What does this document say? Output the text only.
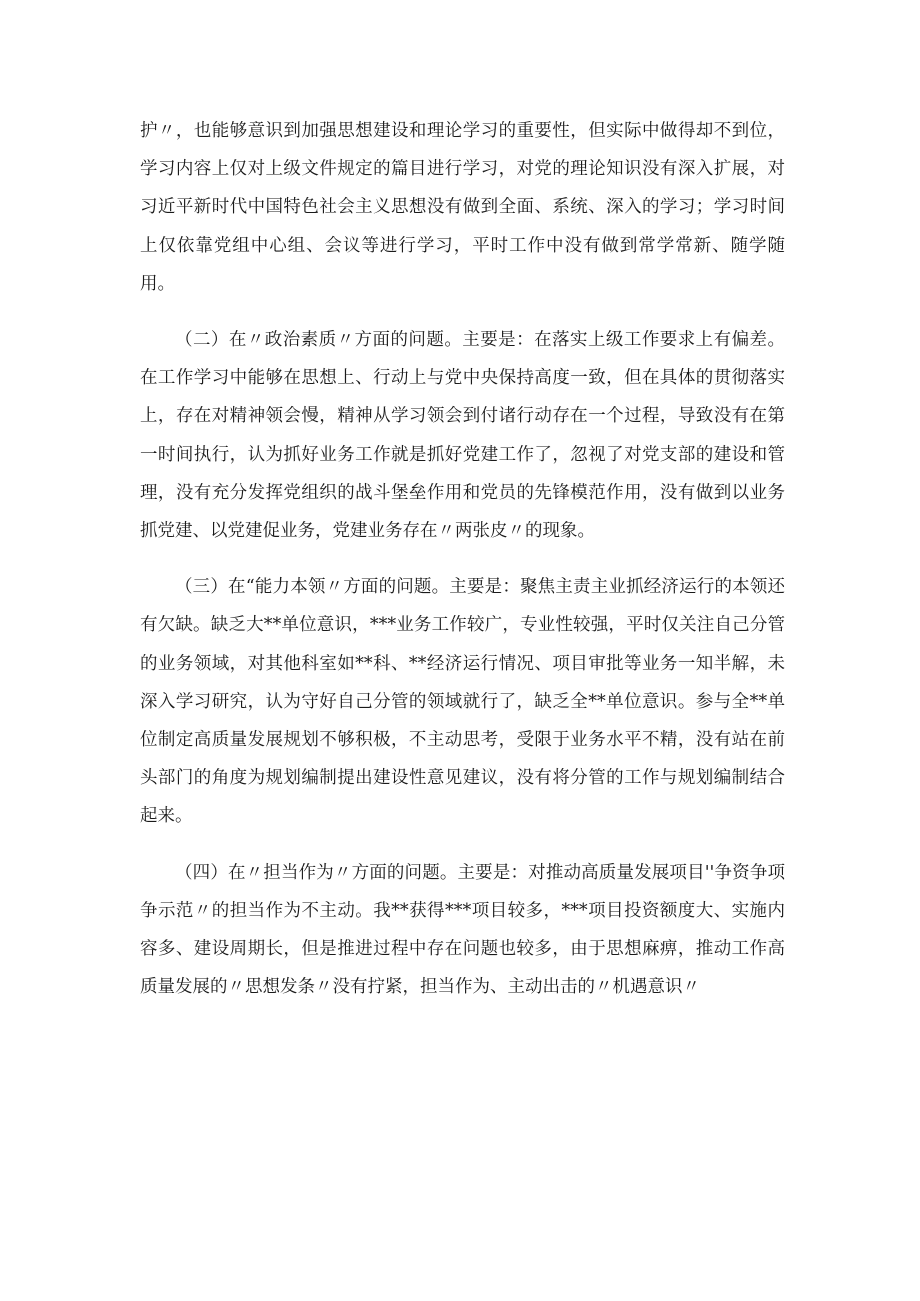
护〃，也能够意识到加强思想建设和理论学习的重要性，但实际中做得却不到位，学习内容上仅对上级文件规定的篇目进行学习，对党的理论知识没有深入扩展，对习近平新时代中国特色社会主义思想没有做到全面、系统、深入的学习；学习时间上仅依靠党组中心组、会议等进行学习，平时工作中没有做到常学常新、随学随用。

（二）在〃政治素质〃方面的问题。主要是：在落实上级工作要求上有偏差。在工作学习中能够在思想上、行动上与党中央保持高度一致，但在具体的贯彻落实上，存在对精神领会慢，精神从学习领会到付诸行动存在一个过程，导致没有在第一时间执行，认为抓好业务工作就是抓好党建工作了，忽视了对党支部的建设和管理，没有充分发挥党组织的战斗堡垒作用和党员的先锋模范作用，没有做到以业务抓党建、以党建促业务，党建业务存在〃两张皮〃的现象。

（三）在“能力本领〃方面的问题。主要是：聚焦主责主业抓经济运行的本领还有欠缺。缺乏大**单位意识，***业务工作较广，专业性较强，平时仅关注自己分管的业务领域，对其他科室如**科、**经济运行情况、项目审批等业务一知半解，未深入学习研究，认为守好自己分管的领域就行了，缺乏全**单位意识。参与全**单位制定高质量发展规划不够积极，不主动思考，受限于业务水平不精，没有站在前头部门的角度为规划编制提出建设性意见建议，没有将分管的工作与规划编制结合起来。

（四）在〃担当作为〃方面的问题。主要是：对推动高质量发展项目''争资争项争示范〃的担当作为不主动。我**获得***项目较多，***项目投资额度大、实施内容多、建设周期长，但是推进过程中存在问题也较多，由于思想麻痹，推动工作高质量发展的〃思想发条〃没有拧紧，担当作为、主动出击的〃机遇意识〃
